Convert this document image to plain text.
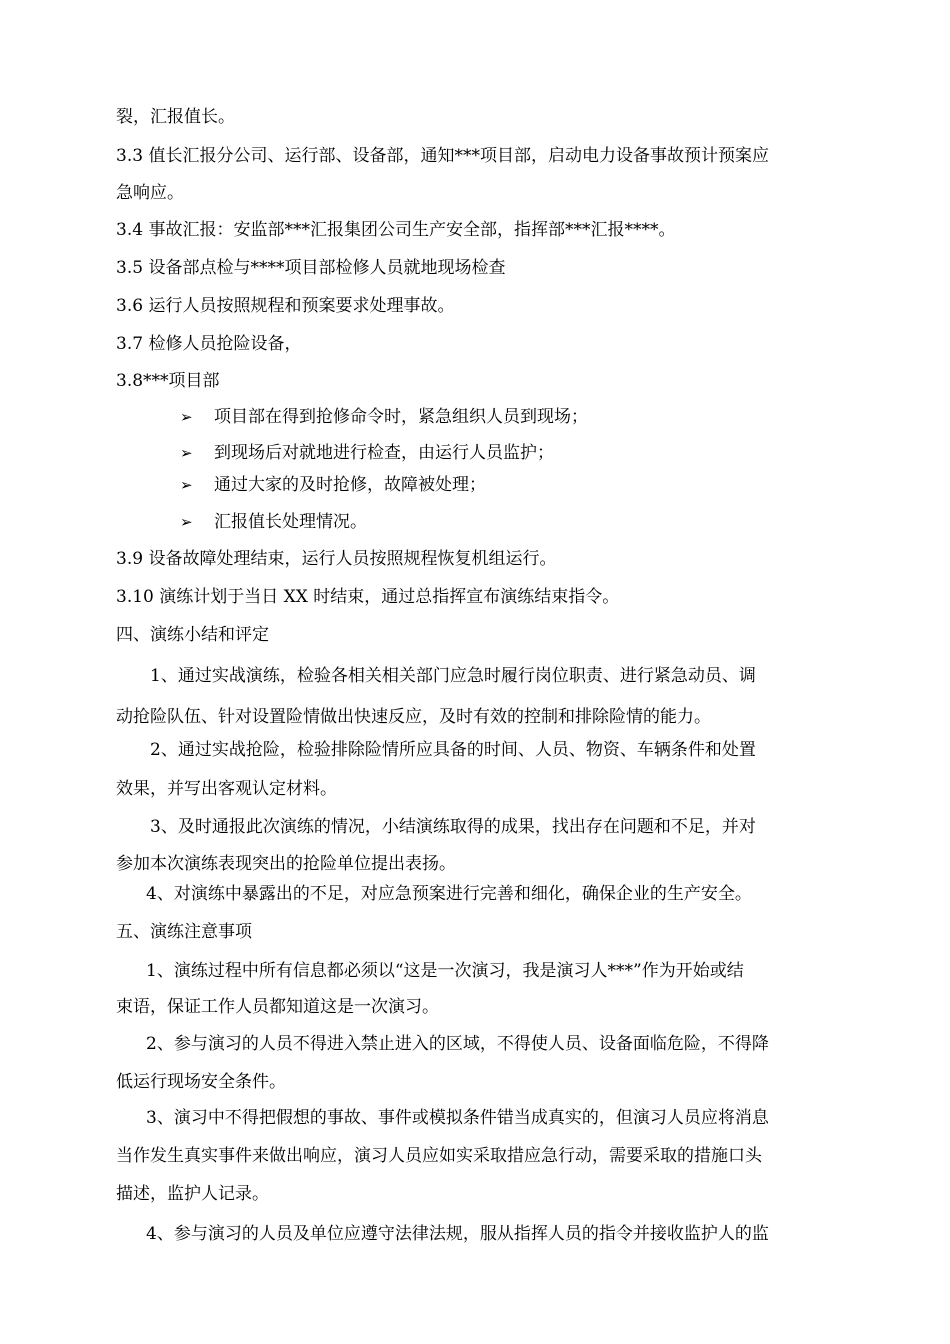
裂，汇报值长。
3.3 值长汇报分公司、运行部、设备部，通知***项目部，启动电力设备事故预计预案应
急响应。
3.4 事故汇报：安监部***汇报集团公司生产安全部，指挥部***汇报****。
3.5 设备部点检与****项目部检修人员就地现场检查
3.6 运行人员按照规程和预案要求处理事故。
3.7 检修人员抢险设备，
3.8***项目部
➢ 项目部在得到抢修命令时，紧急组织人员到现场；
➢ 到现场后对就地进行检查，由运行人员监护；
➢ 通过大家的及时抢修，故障被处理；
➢ 汇报值长处理情况。
3.9 设备故障处理结束，运行人员按照规程恢复机组运行。
3.10 演练计划于当日 XX 时结束，通过总指挥宣布演练结束指令。
四、演练小结和评定
1、通过实战演练，检验各相关相关部门应急时履行岗位职责、进行紧急动员、调
动抢险队伍、针对设置险情做出快速反应，及时有效的控制和排除险情的能力。
2、通过实战抢险，检验排除险情所应具备的时间、人员、物资、车辆条件和处置
效果，并写出客观认定材料。
3、及时通报此次演练的情况，小结演练取得的成果，找出存在问题和不足，并对
参加本次演练表现突出的抢险单位提出表扬。
4、对演练中暴露出的不足，对应急预案进行完善和细化，确保企业的生产安全。
五、演练注意事项
1、演练过程中所有信息都必须以“这是一次演习，我是演习人***”作为开始或结
束语，保证工作人员都知道这是一次演习。
2、参与演习的人员不得进入禁止进入的区域，不得使人员、设备面临危险，不得降
低运行现场安全条件。
3、演习中不得把假想的事故、事件或模拟条件错当成真实的，但演习人员应将消息
当作发生真实事件来做出响应，演习人员应如实采取措应急行动，需要采取的措施口头
描述，监护人记录。
4、参与演习的人员及单位应遵守法律法规，服从指挥人员的指令并接收监护人的监
